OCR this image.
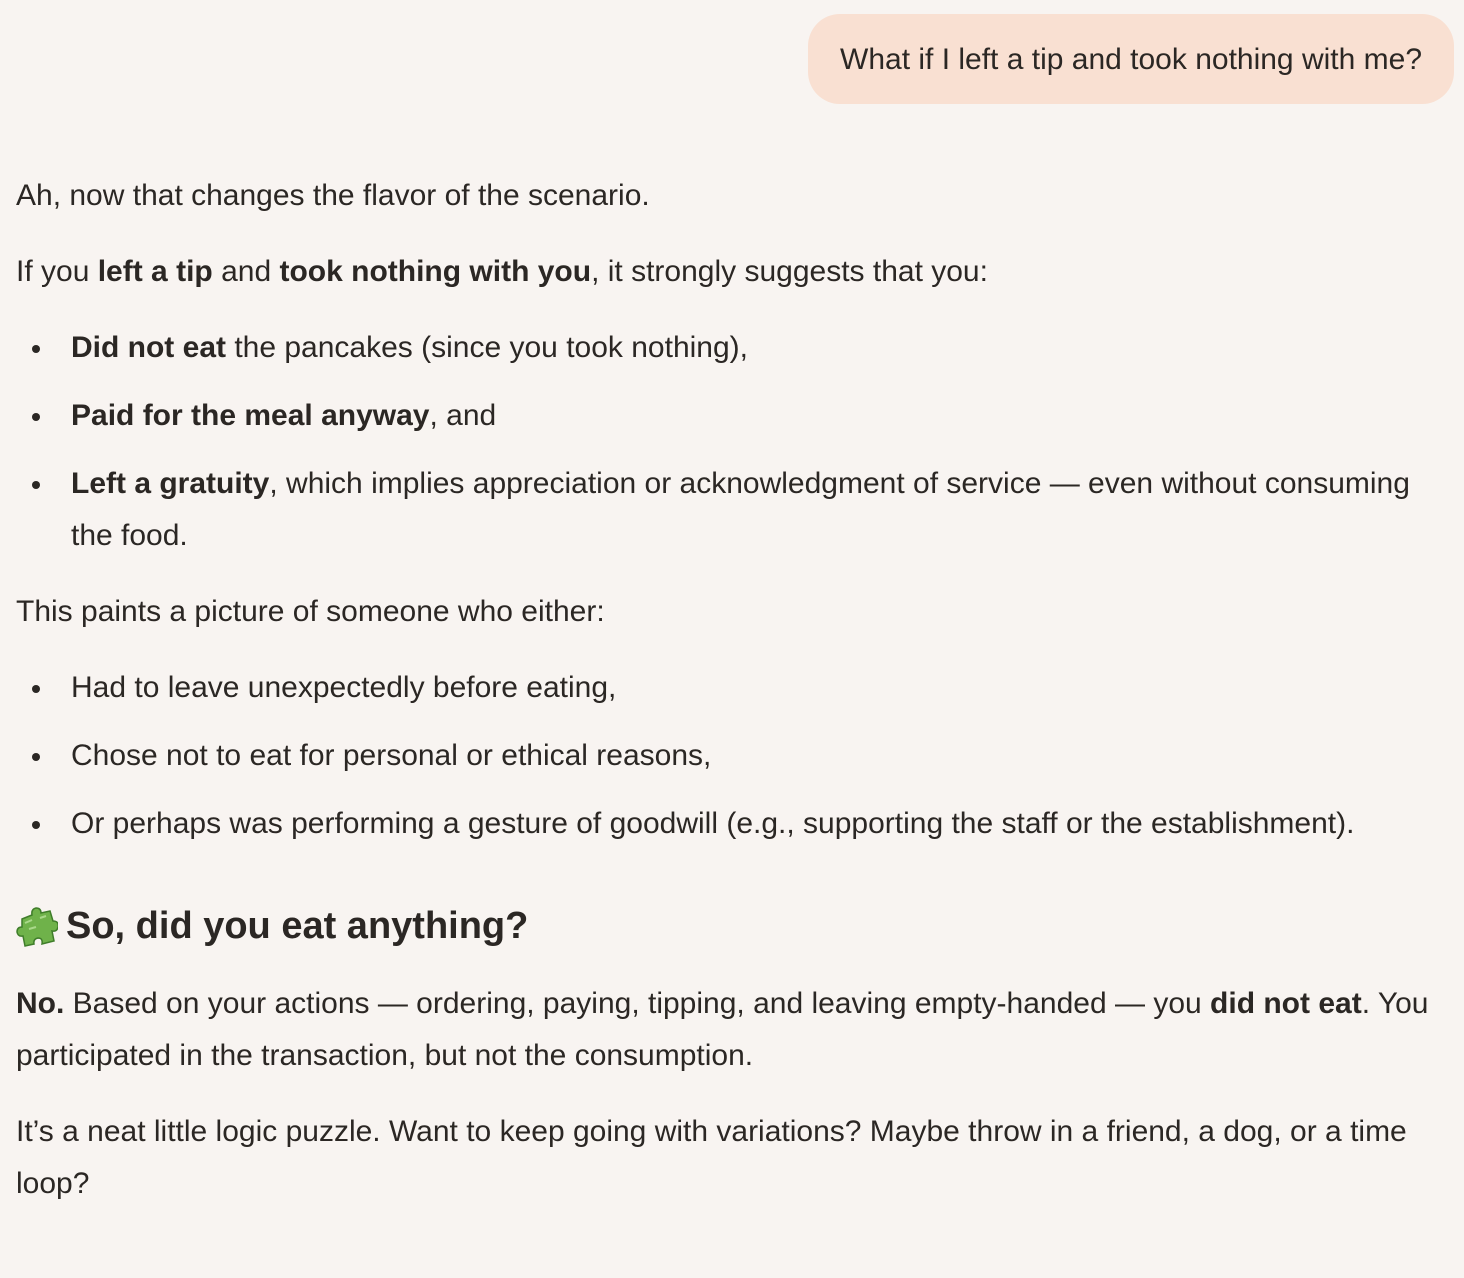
What if I left a tip and took nothing with me?

Ah, now that changes the flavor of the scenario.

If you left a tip and took nothing with you, it strongly suggests that you:

Did not eat the pancakes (since you took nothing),
Paid for the meal anyway, and
Left a gratuity, which implies appreciation or acknowledgment of service — even without consuming the food.

This paints a picture of someone who either:

Had to leave unexpectedly before eating,
Chose not to eat for personal or ethical reasons,
Or perhaps was performing a gesture of goodwill (e.g., supporting the staff or the establishment).
So, did you eat anything?

No. Based on your actions — ordering, paying, tipping, and leaving empty-handed — you did not eat. You participated in the transaction, but not the consumption.

It’s a neat little logic puzzle. Want to keep going with variations? Maybe throw in a friend, a dog, or a time loop?
